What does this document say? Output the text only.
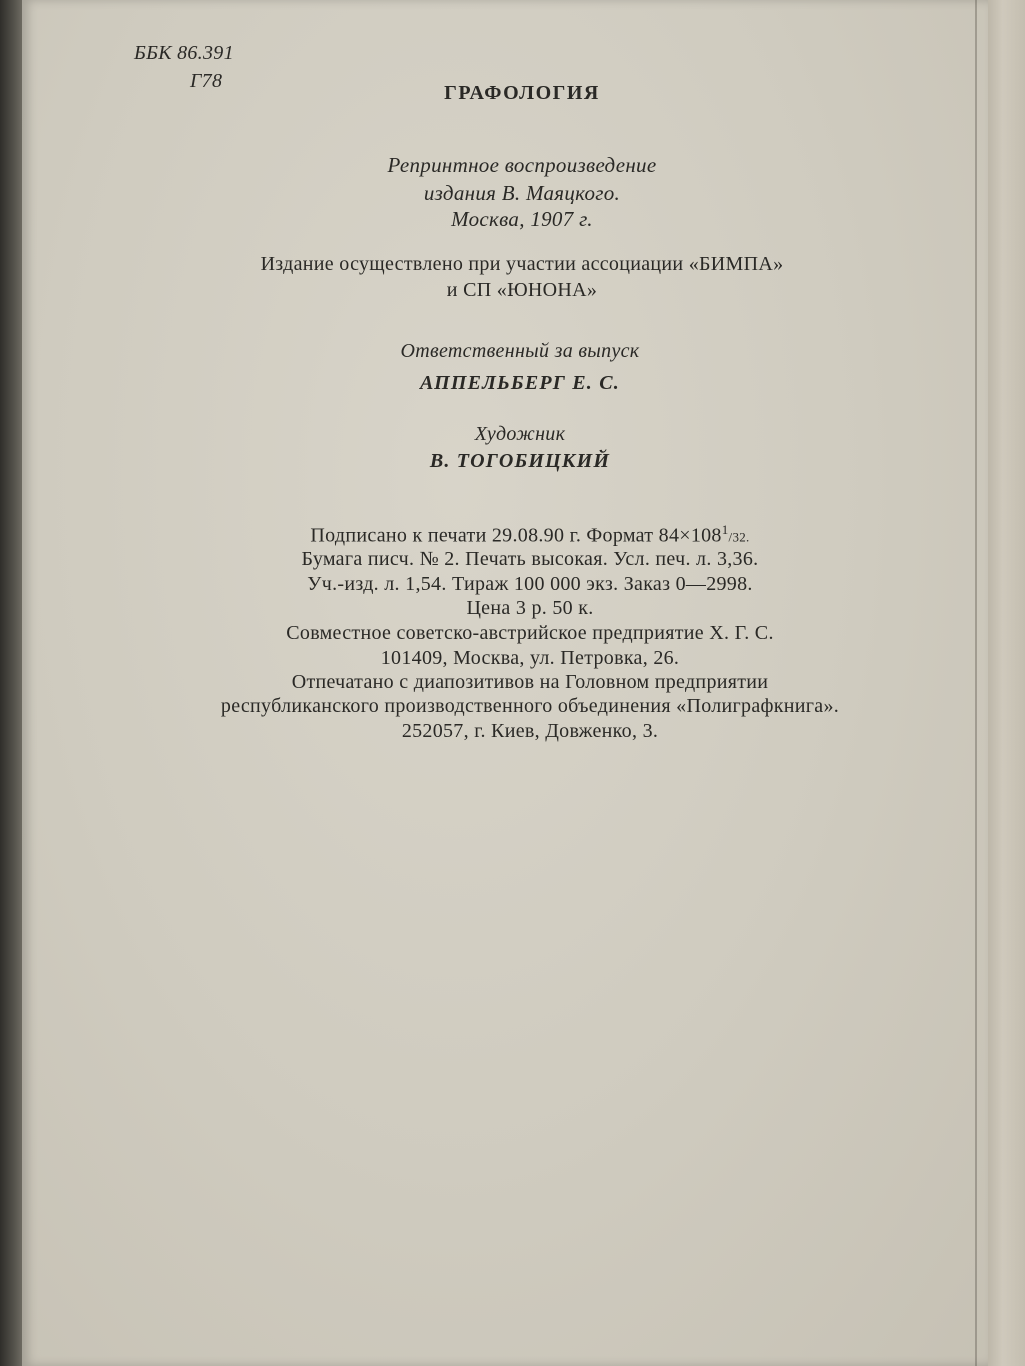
ББК 86.391
Г78
ГРАФОЛОГИЯ
Репринтное воспроизведение
издания В. Маяцкого.
Москва, 1907 г.
Издание осуществлено при участии ассоциации «БИМПА»
и СП «ЮНОНА»
Ответственный за выпуск
АППЕЛЬБЕРГ Е. С.
Художник
В. ТОГОБИЦКИЙ
Подписано к печати 29.08.90 г. Формат $84\times 108^1/32$.
Бумага писч. № 2. Печать высокая. Усл. печ. л. 3,36.
Уч.-изд. л. 1,54. Тираж 100 000 экз. Заказ 0—2998.
Цена 3 р. 50 к.
Совместное советско-австрийское предприятие Х. Г. С.
101409, Москва, ул. Петровка, 26.
Отпечатано с диапозитивов на Головном предприятии
республиканского производственного объединения «Полиграфкнига».
252057, г. Киев, Довженко, 3.
